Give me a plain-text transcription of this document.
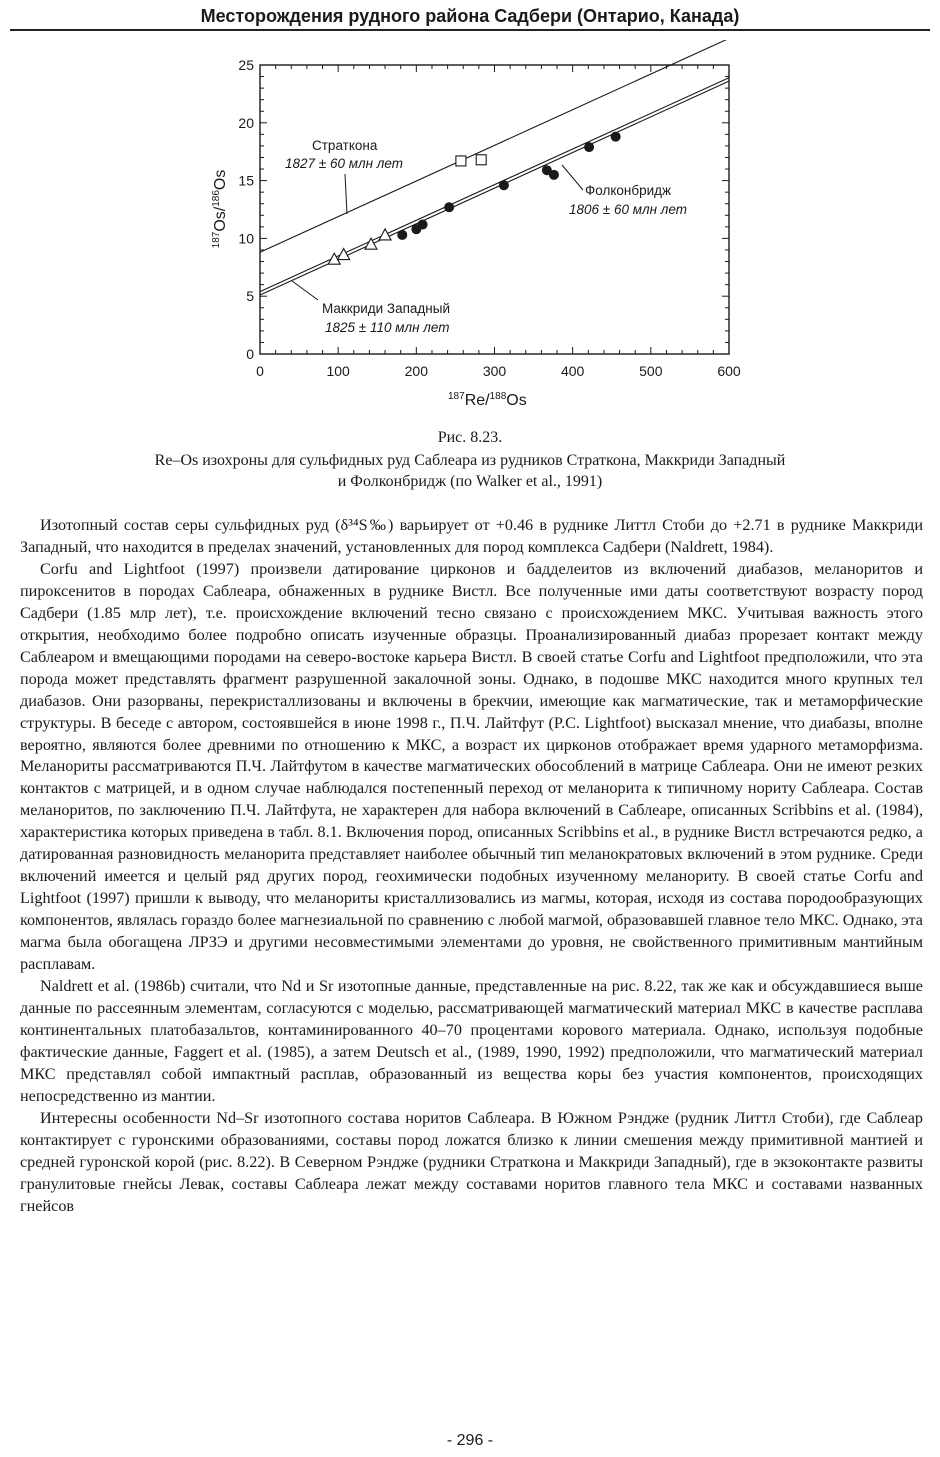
Месторождения рудного района Садбери (Онтарио, Канада)
0	100	200	300	400	500	600
0
5
10
15
20
25
Страткона
1827 ± 60 млн лет
Фолконбридж
1806 ± 60 млн лет
Маккриди Западный
1825 ± 110 млн лет
$^{187}$Re/$^{188}$Os
$^{187}$Os/$^{186}$Os
Рис. 8.23.
Re–Os изохроны для сульфидных руд Саблеара из рудников Страткона, Маккриди Западный
и Фолконбридж (по Walker et al., 1991)

Изотопный состав серы сульфидных руд (δ³⁴S‰) варьирует от +0.46 в руднике Литтл Стоби до +2.71 в руднике Маккриди Западный, что находится в пределах значений, установленных для пород комплекса Садбери (Naldrett, 1984).

Corfu and Lightfoot (1997) произвели датирование цирконов и бадделеитов из включений диабазов, меланоритов и пироксенитов в породах Саблеара, обнаженных в руднике Вистл. Все полученные ими даты соответствуют возрасту пород Садбери (1.85 млр лет), т.е. происхождение включений тесно связано с происхождением МКС. Учитывая важность этого открытия, необходимо более подробно описать изученные образцы. Проанализированный диабаз прорезает контакт между Саблеаром и вмещающими породами на северо-востоке карьера Вистл. В своей статье Corfu and Lightfoot предположили, что эта порода может представлять фрагмент разрушенной закалочной зоны. Однако, в подошве МКС находится много крупных тел диабазов. Они разорваны, перекристаллизованы и включены в брекчии, имеющие как магматические, так и метаморфические структуры. В беседе с автором, состоявшейся в июне 1998 г., П.Ч. Лайтфут (P.C. Lightfoot) высказал мнение, что диабазы, вполне вероятно, являются более древними по отношению к МКС, а возраст их цирконов отображает время ударного метаморфизма. Меланориты рассматриваются П.Ч. Лайтфутом в качестве магматических обособлений в матрице Саблеара. Они не имеют резких контактов с матрицей, и в одном случае наблюдался постепенный переход от меланорита к типичному нориту Саблеара. Состав меланоритов, по заключению П.Ч. Лайтфута, не характерен для набора включений в Саблеаре, описанных Scribbins et al. (1984), характеристика которых приведена в табл. 8.1. Включения пород, описанных Scribbins et al., в руднике Вистл встречаются редко, а датированная разновидность меланорита представляет наиболее обычный тип меланократовых включений в этом руднике. Среди включений имеется и целый ряд других пород, геохимически подобных изученному меланориту. В своей статье Corfu and Lightfoot (1997) пришли к выводу, что меланориты кристаллизовались из магмы, которая, исходя из состава породообразующих компонентов, являлась гораздо более магнезиальной по сравнению с любой магмой, образовавшей главное тело МКС. Однако, эта магма была обогащена ЛРЗЭ и другими несовместимыми элементами до уровня, не свойственного примитивным мантийным расплавам.

Naldrett et al. (1986b) считали, что Nd и Sr изотопные данные, представленные на рис. 8.22, так же как и обсуждавшиеся выше данные по рассеянным элементам, согласуются с моделью, рассматривающей магматический материал МКС в качестве расплава континентальных платобазальтов, контаминированного 40–70 процентами корового материала. Однако, используя подобные фактические данные, Faggert et al. (1985), а затем Deutsch et al., (1989, 1990, 1992) предположили, что магматический материал МКС представлял собой импактный расплав, образованный из вещества коры без участия компонентов, происходящих непосредственно из мантии.

Интересны особенности Nd–Sr изотопного состава норитов Саблеара. В Южном Рэндже (рудник Литтл Стоби), где Саблеар контактирует с гуронскими образованиями, составы пород ложатся близко к линии смешения между примитивной мантией и средней гуронской корой (рис. 8.22). В Северном Рэндже (рудники Страткона и Маккриди Западный), где в экзоконтакте развиты гранулитовые гнейсы Левак, составы Саблеара лежат между составами норитов главного тела МКС и составами названных гнейсов

- 296 -
